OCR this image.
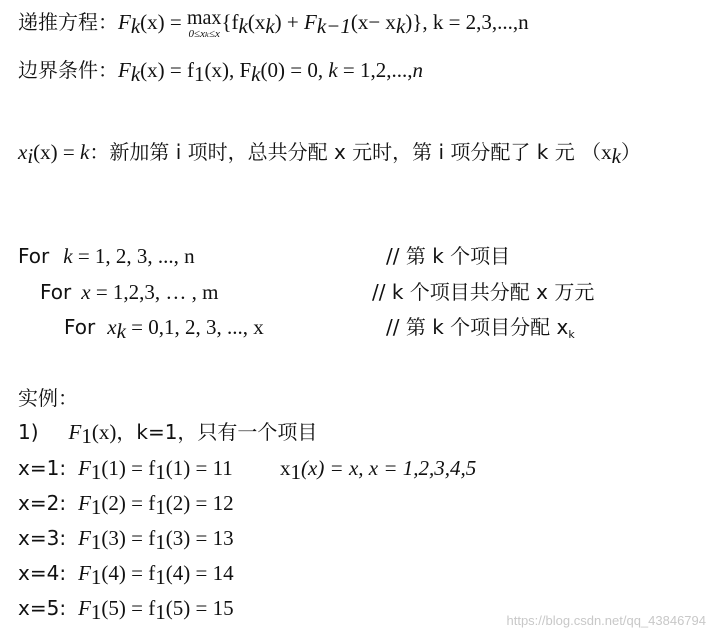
递推方程：$F_k(x) = \max$
0≤xₖ≤x $\{f_k(x_k) + F_{k-1}(x- x_k)\}$, k = 2,3,...,n
边界条件：$F_k(x) = f_1(x)$, $F_k(0) = 0$, k = 1,2,...,n
$x_i(x) = k$：新加第 i 项时，总共分配 x 元时，第 i 项分配了 k 元 $(x_k)$
For k = 1, 2, 3, ..., n	// 第 k 个项目
For x = 1,2,3, … , m	// k 个项目共分配 x 万元
For $x_k = 0,1$, 2, 3, ..., x	// 第 k 个项目分配 $x_k$
实例：
1) $F_1(x)$，k=1，只有一个项目
x=1: $F_1(1) = f_1(1) = 11$ $x_1(x) = x$, x = 1,2,3,4,5
x=2: $F_1(2) = f_1(2) = 12$
x=3: $F_1(3) = f_1(3) = 13$
x=4: $F_1(4) = f_1(4) = 14$
x=5: $F_1(5) = f_1(5) = 15$
https://blog.csdn.net/qq_43846794
